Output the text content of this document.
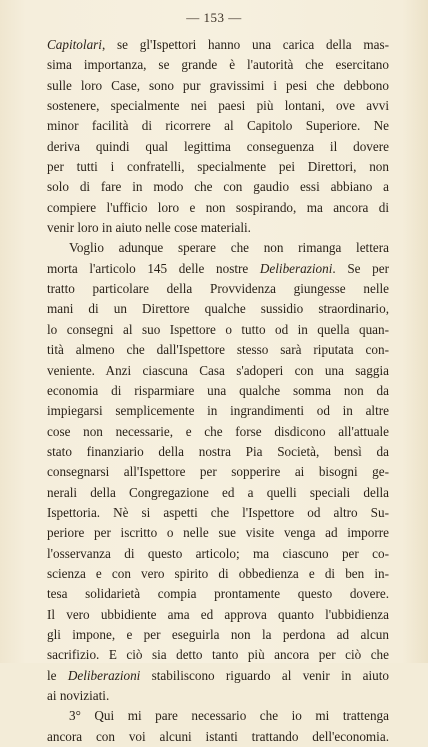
— 153 —
Capitolari, se gl'Ispettori hanno una carica della mas-
sima importanza, se grande è l'autorità che esercitano
sulle loro Case, sono pur gravissimi i pesi che debbono
sostenere, specialmente nei paesi più lontani, ove avvi
minor facilità di ricorrere al Capitolo Superiore. Ne
deriva quindi qual legittima conseguenza il dovere
per tutti i confratelli, specialmente pei Direttori, non
solo di fare in modo che con gaudio essi abbiano a
compiere l'ufficio loro e non sospirando, ma ancora di
venir loro in aiuto nelle cose materiali.
Voglio adunque sperare che non rimanga lettera
morta l'articolo 145 delle nostre Deliberazioni. Se per
tratto particolare della Provvidenza giungesse nelle
mani di un Direttore qualche sussidio straordinario,
lo consegni al suo Ispettore o tutto od in quella quan-
tità almeno che dall'Ispettore stesso sarà riputata con-
veniente. Anzi ciascuna Casa s'adoperi con una saggia
economia di risparmiare una qualche somma non da
impiegarsi semplicemente in ingrandimenti od in altre
cose non necessarie, e che forse disdicono all'attuale
stato finanziario della nostra Pia Società, bensì da
consegnarsi all'Ispettore per sopperire ai bisogni ge-
nerali della Congregazione ed a quelli speciali della
Ispettoria. Nè si aspetti che l'Ispettore od altro Su-
periore per iscritto o nelle sue visite venga ad imporre
l'osservanza di questo articolo; ma ciascuno per co-
scienza e con vero spirito di obbedienza e di ben in-
tesa solidarietà compia prontamente questo dovere.
Il vero ubbidiente ama ed approva quanto l'ubbidienza
gli impone, e per eseguirla non la perdona ad alcun
sacrifizio. E ciò sia detto tanto più ancora per ciò che
le Deliberazioni stabiliscono riguardo al venir in aiuto
ai noviziati.
3° Qui mi pare necessario che io mi trattenga
ancora con voi alcuni istanti trattando dell'economia.
